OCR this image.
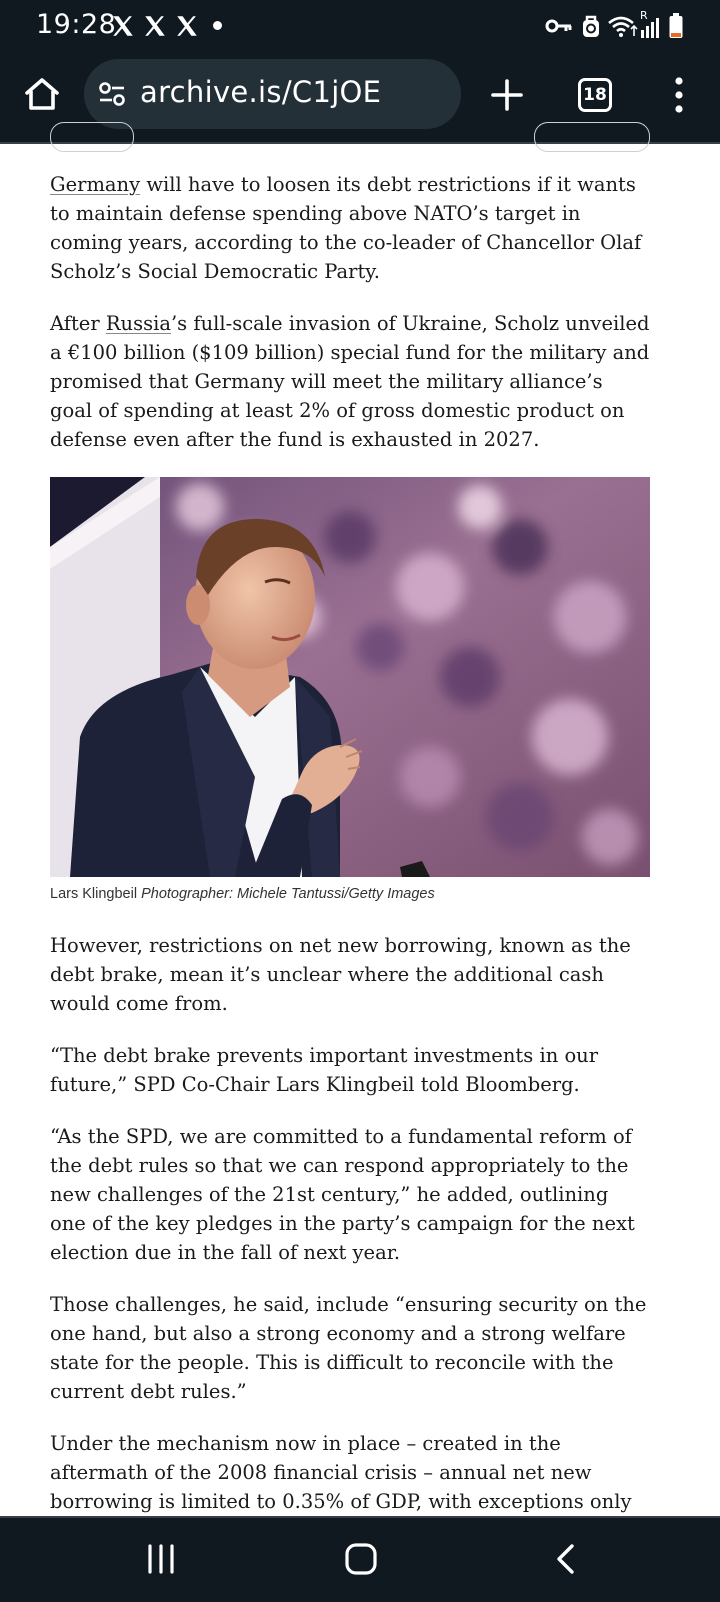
19:28	R
archive.is/C1jOE	18

Germany will have to loosen its debt restrictions if it wants to maintain defense spending above NATO’s target in coming years, according to the co-leader of Chancellor Olaf Scholz’s Social Democratic Party.

After Russia’s full-scale invasion of Ukraine, Scholz unveiled a €100 billion ($109 billion) special fund for the military and promised that Germany will meet the military alliance’s goal of spending at least 2% of gross domestic product on defense even after the fund is exhausted in 2027.

Lars Klingbeil Photographer: Michele Tantussi/Getty Images

However, restrictions on net new borrowing, known as the debt brake, mean it’s unclear where the additional cash would come from.

“The debt brake prevents important investments in our future,” SPD Co-Chair Lars Klingbeil told Bloomberg.

“As the SPD, we are committed to a fundamental reform of the debt rules so that we can respond appropriately to the new challenges of the 21st century,” he added, outlining one of the key pledges in the party’s campaign for the next election due in the fall of next year.

Those challenges, he said, include “ensuring security on the one hand, but also a strong economy and a strong welfare state for the people. This is difficult to reconcile with the current debt rules.”

Under the mechanism now in place – created in the aftermath of the 2008 financial crisis – annual net new borrowing is limited to 0.35% of GDP, with exceptions only
